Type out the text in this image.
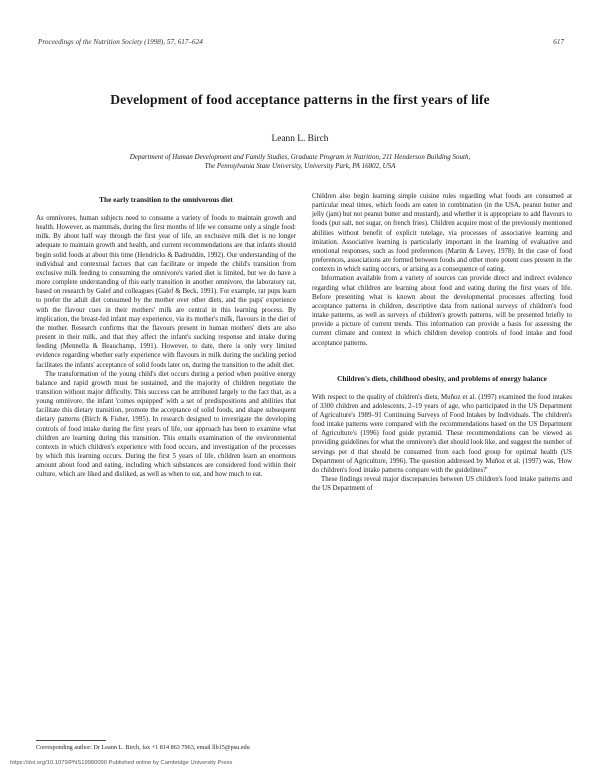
Proceedings of the Nutrition Society (1998), 57, 617–624	617
Development of food acceptance patterns in the first years of life
Leann L. Birch
Department of Human Development and Family Studies, Graduate Program in Nutrition, 211 Henderson Building South,
The Pennsylvania State University, University Park, PA 16802, USA
The early transition to the omnivorous diet

As omnivores, human subjects need to consume a variety of foods to maintain growth and health. However, as mammals, during the first months of life we consume only a single food: milk. By about half way through the first year of life, an exclusive milk diet is no longer adequate to maintain growth and health, and current recommendations are that infants should begin solid foods at about this time (Hendricks & Badruddin, 1992). Our understanding of the individual and contextual factors that can facilitate or impede the child's transition from exclusive milk feeding to consuming the omnivore's varied diet is limited, but we do have a more complete understanding of this early transition in another omnivore, the laboratory rat, based on research by Galef and colleagues (Galef & Beck, 1991). For example, rat pups learn to prefer the adult diet consumed by the mother over other diets, and the pups' experience with the flavour cues in their mothers' milk are central in this learning process. By implication, the breast-fed infant may experience, via its mother's milk, flavours in the diet of the mother. Research confirms that the flavours present in human mothers' diets are also present in their milk, and that they affect the infant's sucking response and intake during feeding (Mennella & Beauchamp, 1991). However, to date, there is only very limited evidence regarding whether early experience with flavours in milk during the suckling period facilitates the infants' acceptance of solid foods later on, during the transition to the adult diet.

The transformation of the young child's diet occurs during a period when positive energy balance and rapid growth must be sustained, and the majority of children negotiate the transition without major difficulty. This success can be attributed largely to the fact that, as a young omnivore, the infant 'comes equipped' with a set of predispositions and abilities that facilitate this dietary transition, promote the acceptance of solid foods, and shape subsequent dietary patterns (Birch & Fisher, 1995). In research designed to investigate the developing controls of food intake during the first years of life, our approach has been to examine what children are learning during this transition. This entails examination of the environmental contexts in which children's experience with food occurs, and investigation of the processes by which this learning occurs. During the first 5 years of life, children learn an enormous amount about food and eating, including which substances are considered food within their culture, which are liked and disliked, as well as when to eat, and how much to eat.

Children also begin learning simple cuisine rules regarding what foods are consumed at particular meal times, which foods are eaten in combination (in the USA, peanut butter and jelly (jam) but not peanut butter and mustard), and whether it is appropriate to add flavours to foods (put salt, not sugar, on french fries). Children acquire most of the previously mentioned abilities without benefit of explicit tutelage, via processes of associative learning and imitation. Associative learning is particularly important in the learning of evaluative and emotional responses, such as food preferences (Martin & Levey, 1978). In the case of food preferences, associations are formed between foods and other more potent cues present in the contexts in which eating occurs, or arising as a consequence of eating.

Information available from a variety of sources can provide direct and indirect evidence regarding what children are learning about food and eating during the first years of life. Before presenting what is known about the developmental processes affecting food acceptance patterns in children, descriptive data from national surveys of children's food intake patterns, as well as surveys of children's growth patterns, will be presented briefly to provide a picture of current trends. This information can provide a basis for assessing the current climate and context in which children develop controls of food intake and food acceptance patterns.

Children's diets, childhood obesity, and problems of energy balance

With respect to the quality of children's diets, Muñoz et al. (1997) examined the food intakes of 3300 children and adolescents, 2–19 years of age, who participated in the US Department of Agriculture's 1989–91 Continuing Surveys of Food Intakes by Individuals. The children's food intake patterns were compared with the recommendations based on the US Department of Agriculture's (1996) food guide pyramid. These recommendations can be viewed as providing guidelines for what the omnivore's diet should look like, and suggest the number of servings per d that should be consumed from each food group for optimal health (US Department of Agriculture, 1996). The question addressed by Muñoz et al. (1997) was, 'How do children's food intake patterns compare with the guidelines?'

These findings reveal major discrepancies between US children's food intake patterns and the US Department of

Corresponding author: Dr Leann L. Birch, fax +1 814 863 7963, email llb15@psu.edu
https://doi.org/10.1079/PNS19980090 Published online by Cambridge University Press
